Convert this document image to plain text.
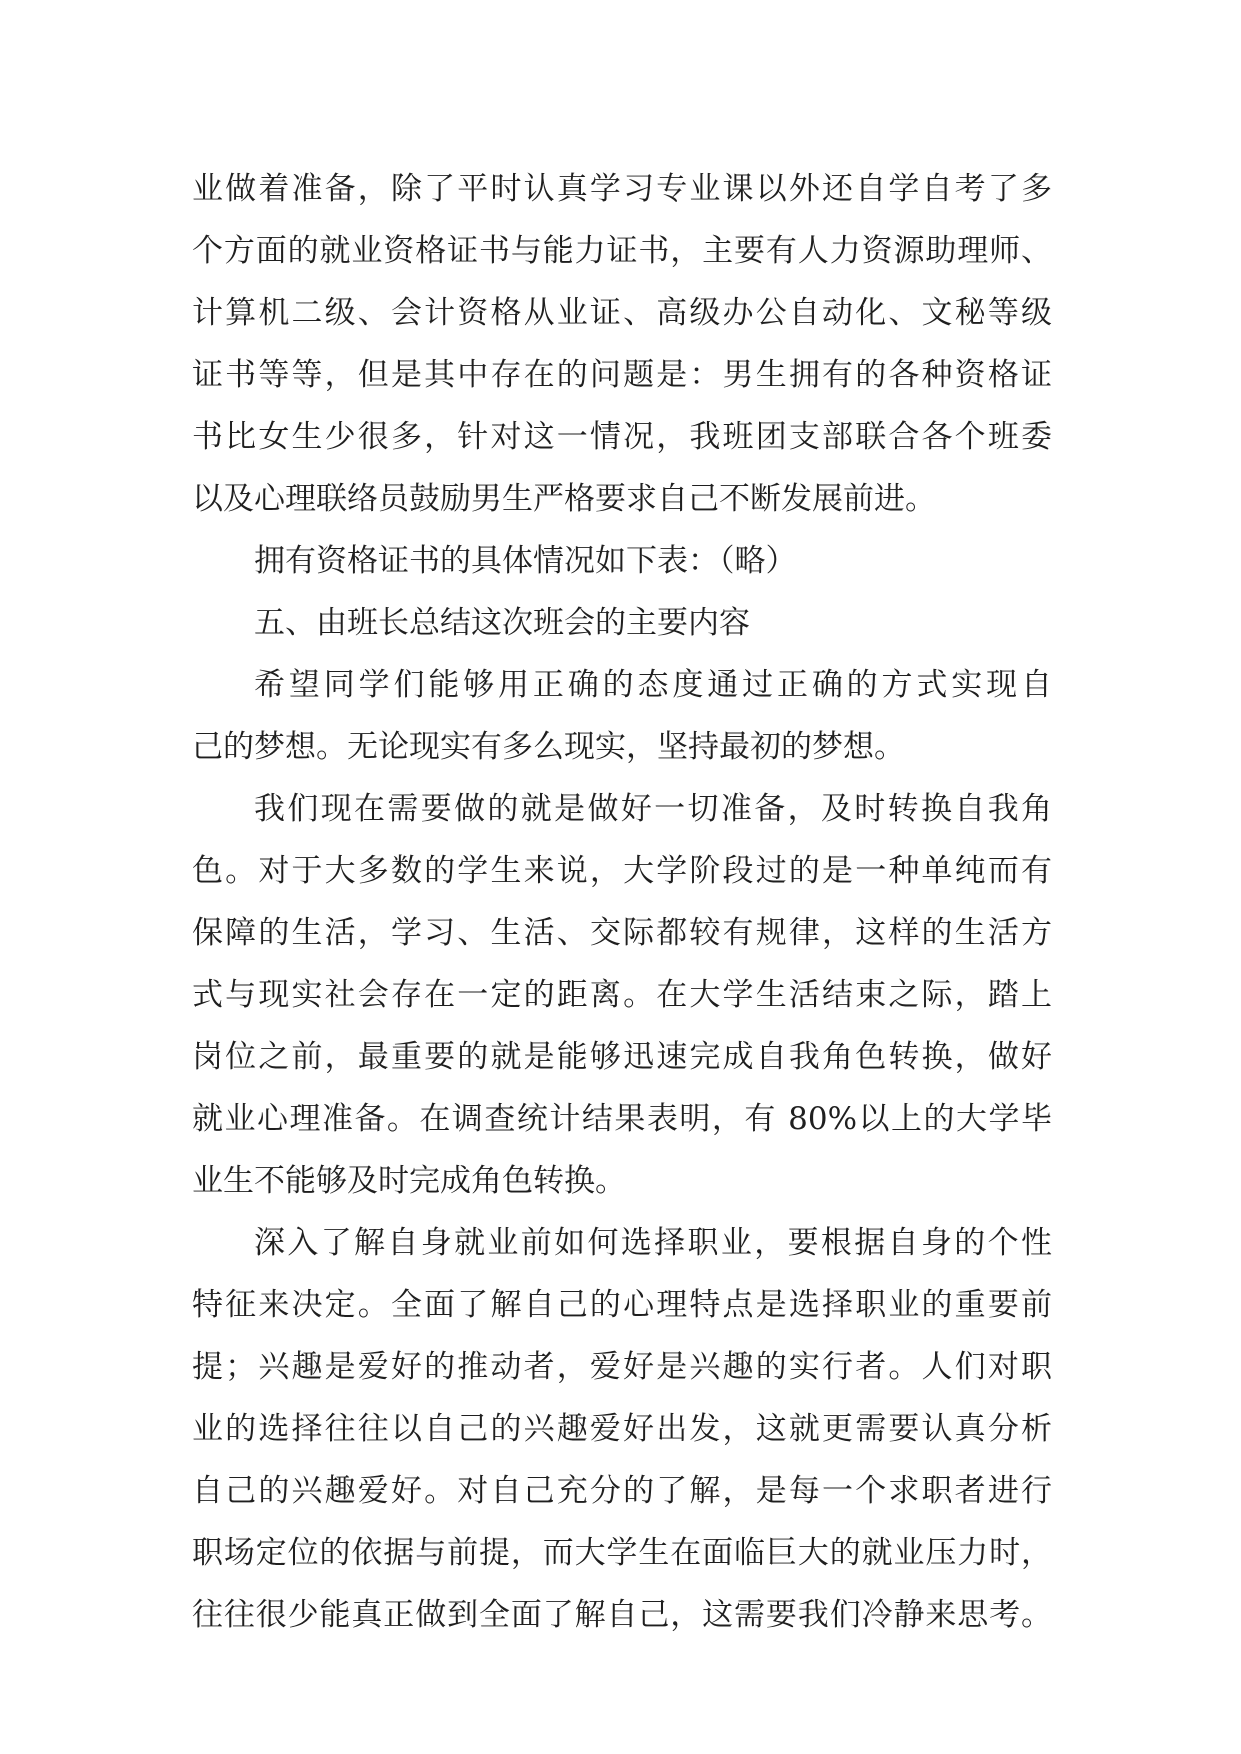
业做着准备，除了平时认真学习专业课以外还自学自考了多
个方面的就业资格证书与能力证书，主要有人力资源助理师、
计算机二级、会计资格从业证、高级办公自动化、文秘等级
证书等等，但是其中存在的问题是：男生拥有的各种资格证
书比女生少很多，针对这一情况，我班团支部联合各个班委
以及心理联络员鼓励男生严格要求自己不断发展前进。
拥有资格证书的具体情况如下表：（略）
五、由班长总结这次班会的主要内容
希望同学们能够用正确的态度通过正确的方式实现自
己的梦想。无论现实有多么现实，坚持最初的梦想。
我们现在需要做的就是做好一切准备，及时转换自我角
色。对于大多数的学生来说，大学阶段过的是一种单纯而有
保障的生活，学习、生活、交际都较有规律，这样的生活方
式与现实社会存在一定的距离。在大学生活结束之际，踏上
岗位之前，最重要的就是能够迅速完成自我角色转换，做好
就业心理准备。在调查统计结果表明，有 80%以上的大学毕
业生不能够及时完成角色转换。
深入了解自身就业前如何选择职业，要根据自身的个性
特征来决定。全面了解自己的心理特点是选择职业的重要前
提；兴趣是爱好的推动者，爱好是兴趣的实行者。人们对职
业的选择往往以自己的兴趣爱好出发，这就更需要认真分析
自己的兴趣爱好。对自己充分的了解，是每一个求职者进行
职场定位的依据与前提，而大学生在面临巨大的就业压力时，
往往很少能真正做到全面了解自己，这需要我们冷静来思考。
